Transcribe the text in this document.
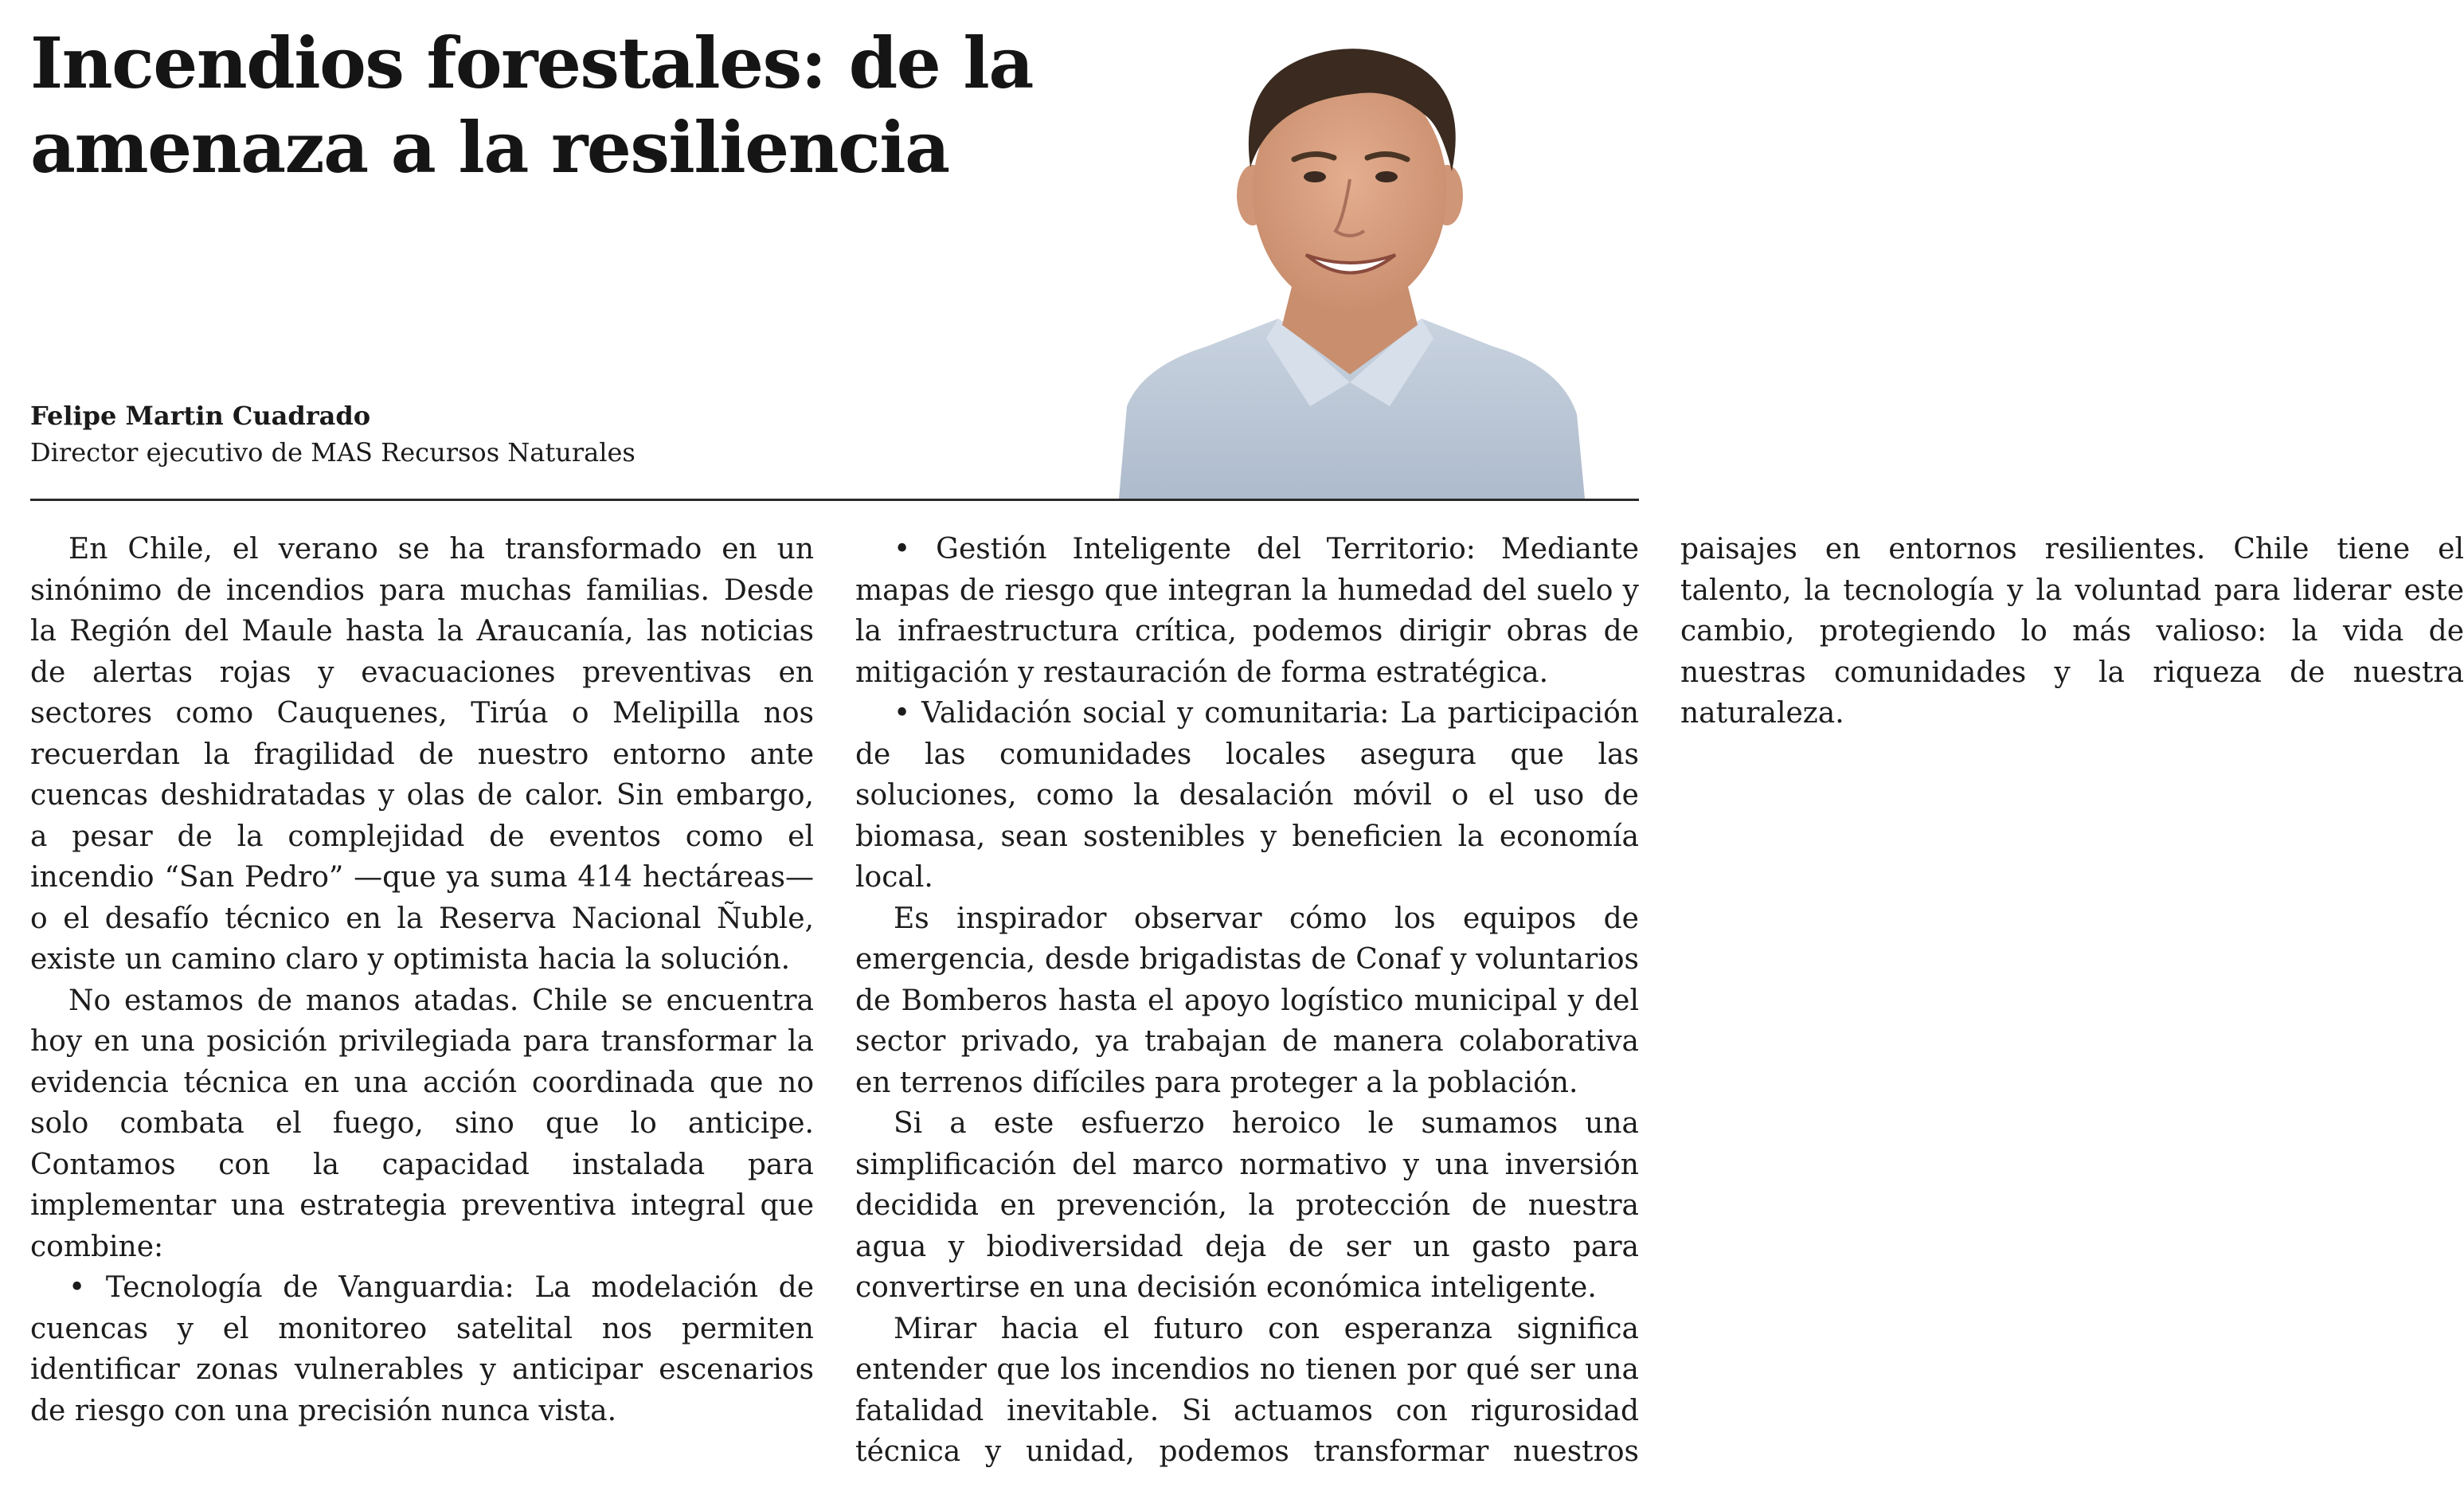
Incendios forestales: de la amenaza a la resiliencia

Felipe Martin Cuadrado

Director ejecutivo de MAS Recursos Naturales

En Chile, el verano se ha transformado en un sinónimo de incendios para muchas familias. Desde la Región del Maule hasta la Araucanía, las noticias de alertas rojas y evacuaciones preventivas en sectores como Cauquenes, Tirúa o Melipilla nos recuerdan la fragilidad de nuestro entorno ante cuencas deshidratadas y olas de calor. Sin embargo, a pesar de la complejidad de eventos como el incendio “San Pedro” —que ya suma 414 hectáreas— o el desafío técnico en la Reserva Nacional Ñuble, existe un camino claro y optimista hacia la solución.

No estamos de manos atadas. Chile se encuentra hoy en una posición privilegiada para transformar la evidencia técnica en una acción coordinada que no solo combata el fuego, sino que lo anticipe. Contamos con la capacidad instalada para implementar una estrategia preventiva integral que combine:

• Tecnología de Vanguardia: La modelación de cuencas y el monitoreo satelital nos permiten identificar zonas vulnerables y anticipar escenarios de riesgo con una precisión nunca vista.

• Gestión Inteligente del Territorio: Mediante mapas de riesgo que integran la humedad del suelo y la infraestructura crítica, podemos dirigir obras de mitigación y restauración de forma estratégica.

• Validación social y comunitaria: La participación de las comunidades locales asegura que las soluciones, como la desalación móvil o el uso de biomasa, sean sostenibles y beneficien la economía local.

Es inspirador observar cómo los equipos de emergencia, desde brigadistas de Conaf y voluntarios de Bomberos hasta el apoyo logístico municipal y del sector privado, ya trabajan de manera colaborativa en terrenos difíciles para proteger a la población.

Si a este esfuerzo heroico le sumamos una simplificación del marco normativo y una inversión decidida en prevención, la protección de nuestra agua y biodiversidad deja de ser un gasto para convertirse en una decisión económica inteligente.

Mirar hacia el futuro con esperanza significa entender que los incendios no tienen por qué ser una fatalidad inevitable. Si actuamos con rigurosidad técnica y unidad, podemos transformar nuestros paisajes en entornos resilientes. Chile tiene el talento, la tecnología y la voluntad para liderar este cambio, protegiendo lo más valioso: la vida de nuestras comunidades y la riqueza de nuestra naturaleza.
